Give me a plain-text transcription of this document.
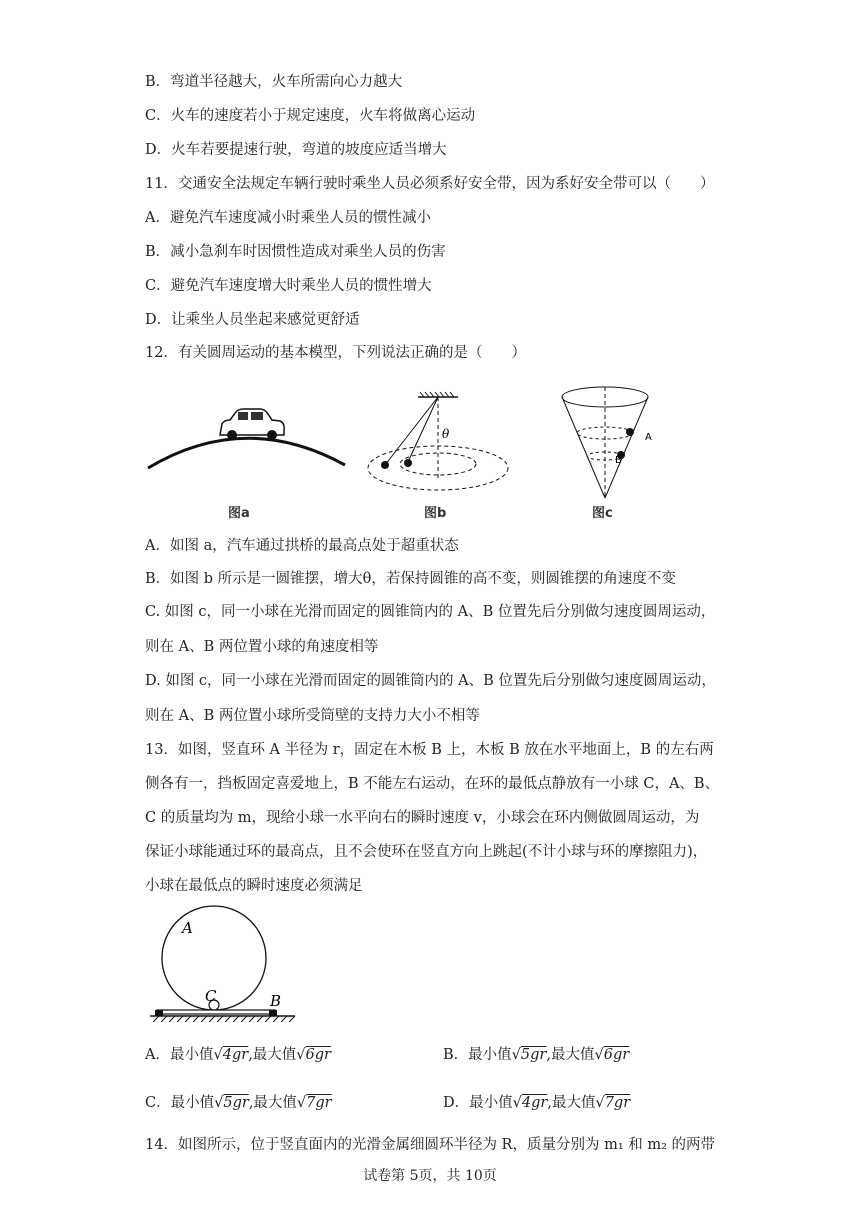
B．弯道半径越大，火车所需向心力越大
C．火车的速度若小于规定速度，火车将做离心运动
D．火车若要提速行驶，弯道的坡度应适当增大
11．交通安全法规定车辆行驶时乘坐人员必须系好安全带，因为系好安全带可以（　　）
A．避免汽车速度减小时乘坐人员的惯性减小
B．减小急刹车时因惯性造成对乘坐人员的伤害
C．避免汽车速度增大时乘坐人员的惯性增大
D．让乘坐人员坐起来感觉更舒适
12．有关圆周运动的基本模型，下列说法正确的是（　　）
θ	A
B
图a	图b	图c
A．如图 a，汽车通过拱桥的最高点处于超重状态
B．如图 b 所示是一圆锥摆，增大θ，若保持圆锥的高不变，则圆锥摆的角速度不变
C. 如图 c，同一小球在光滑而固定的圆锥筒内的 A、B 位置先后分别做匀速度圆周运动，
则在 A、B 两位置小球的角速度相等
D. 如图 c，同一小球在光滑而固定的圆锥筒内的 A、B 位置先后分别做匀速度圆周运动，
则在 A、B 两位置小球所受筒壁的支持力大小不相等
13．如图，竖直环 A 半径为 r，固定在木板 B 上，木板 B 放在水平地面上，B 的左右两
侧各有一，挡板固定喜爱地上，B 不能左右运动，在环的最低点静放有一小球 C，A、B、
C 的质量均为 m，现给小球一水平向右的瞬时速度 v，小球会在环内侧做圆周运动，为
保证小球能通过环的最高点，且不会使环在竖直方向上跳起(不计小球与环的摩擦阻力)，
小球在最低点的瞬时速度必须满足
A
C	B
A．最小值√4gr,最大值√6gr	B．最小值√5gr,最大值√6gr
C．最小值√5gr,最大值√7gr	D．最小值√4gr,最大值√7gr
14．如图所示，位于竖直面内的光滑金属细圆环半径为 R，质量分别为 m₁ 和 m₂ 的两带
试卷第 5页，共 10页
